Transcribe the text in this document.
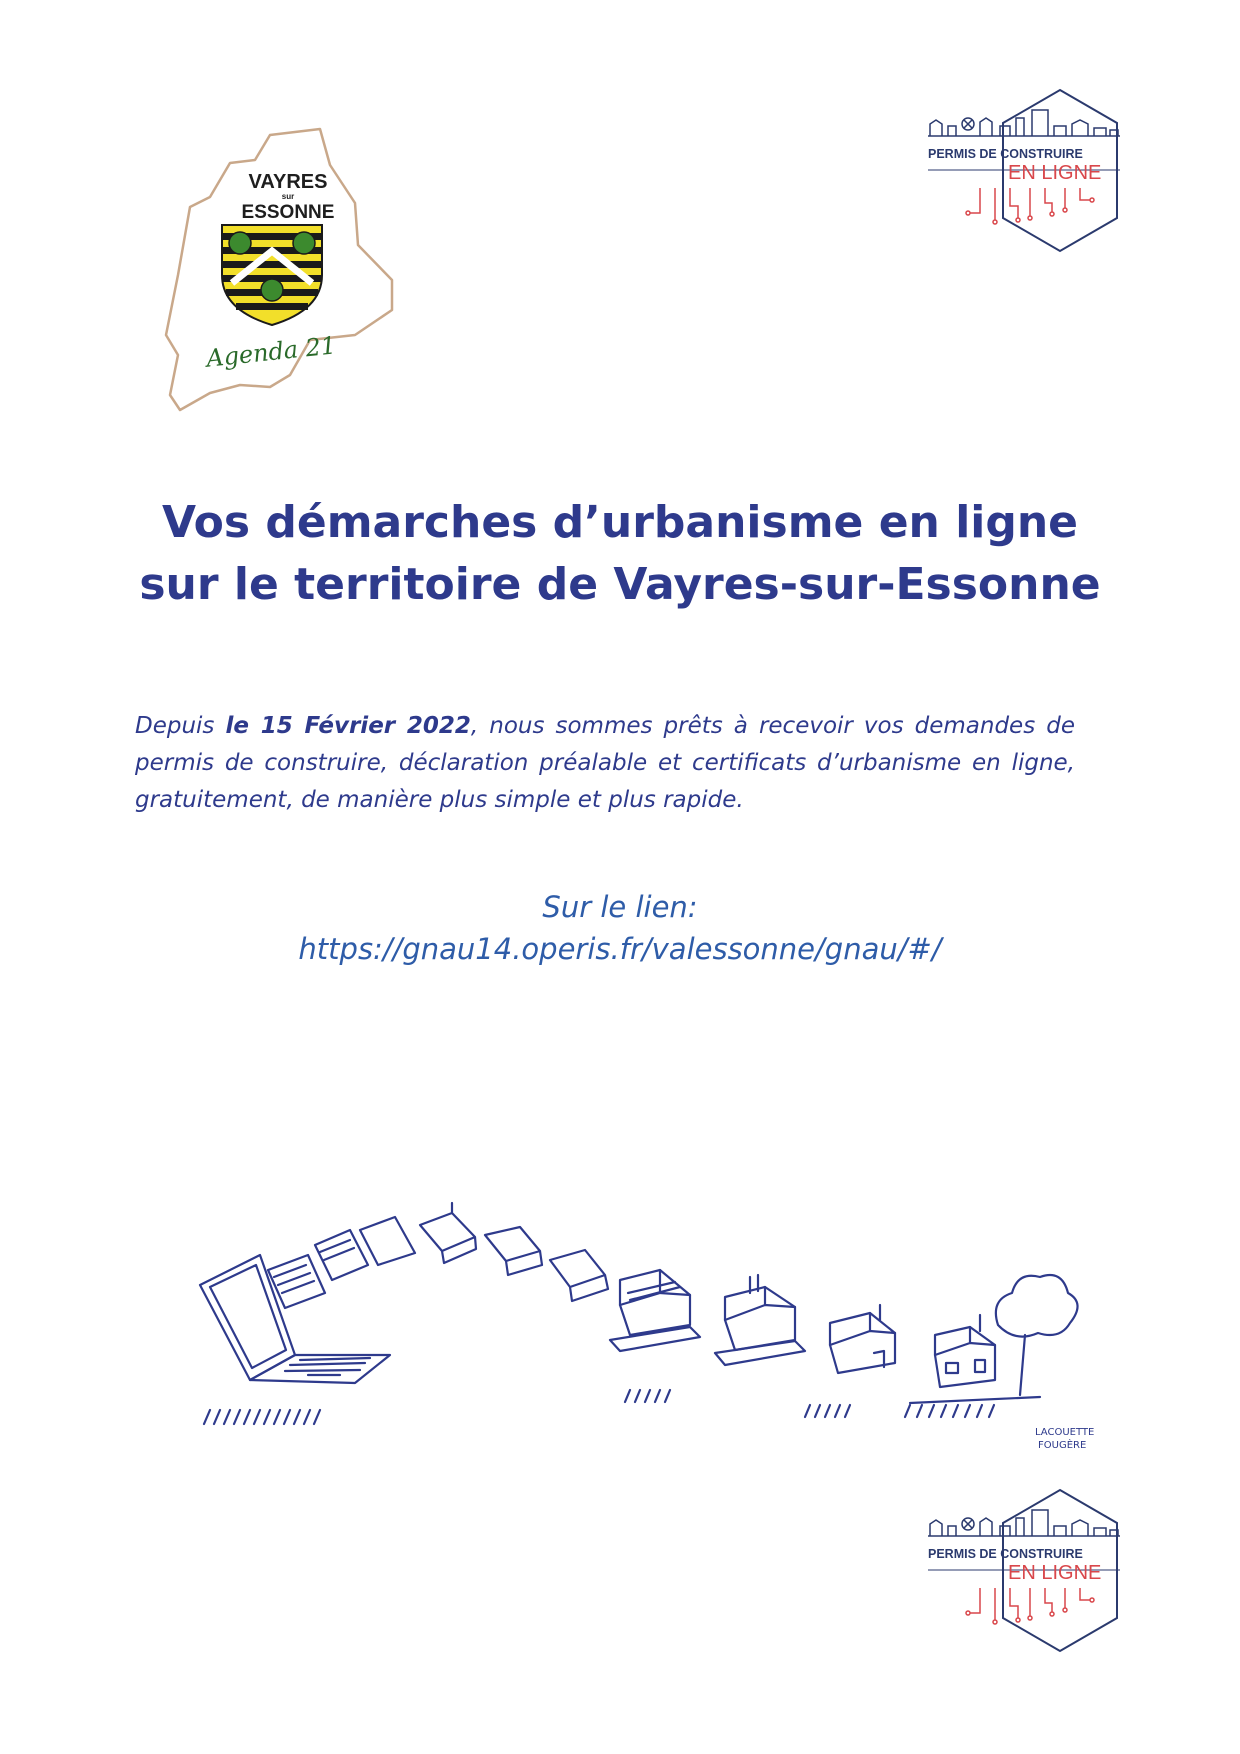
VAYRES
sur
ESSONNE
Agenda 21
PERMIS DE CONSTRUIRE
EN LIGNE
Vos démarches d’urbanisme en ligne
sur le territoire de Vayres-sur-Essonne

Depuis le 15 Février 2022, nous sommes prêts à recevoir vos demandes de permis de construire, déclaration préalable et certificats d’urbanisme en ligne, gratuitement, de manière plus simple et plus rapide.

Sur le lien:
https://gnau14.operis.fr/valessonne/gnau/#/
LACOUETTE
FOUGÈRE
PERMIS DE CONSTRUIRE
EN LIGNE
